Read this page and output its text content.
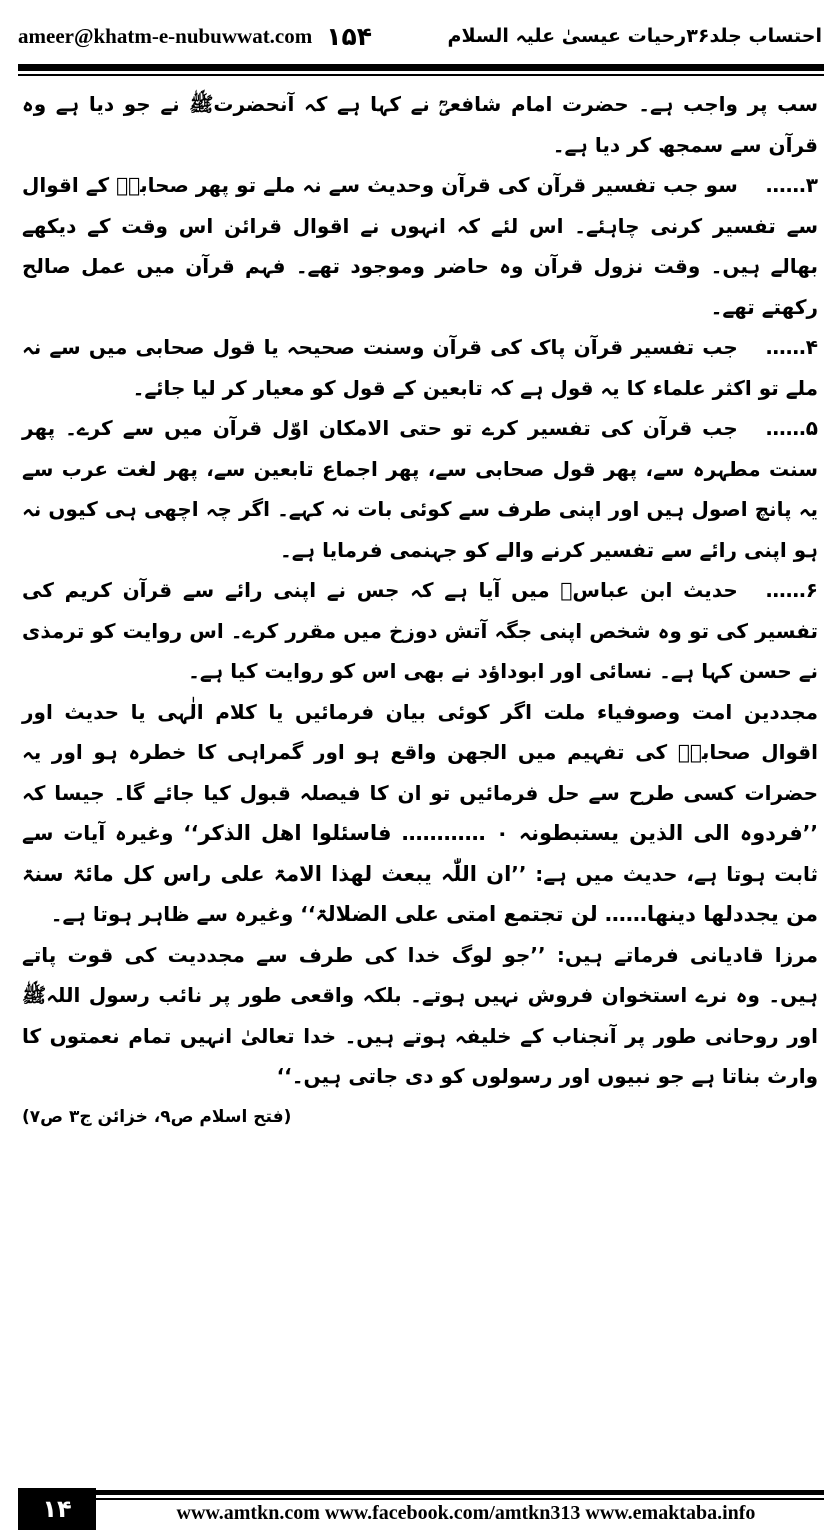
ameer@khatm-e-nubuwwat.com ۱۵۴	احتساب جلد۳۶رحیات عیسیٰ علیہ السلام

سب پر واجب ہے۔ حضرت امام شافعیؒ نے کہا ہے کہ آنحضرتﷺ نے جو دیا ہے وہ قرآن سے سمجھ کر دیا ہے۔

۳……سو جب تفسیر قرآن کی قرآن وحدیث سے نہ ملے تو پھر صحابہؓ کے اقوال سے تفسیر کرنی چاہئے۔ اس لئے کہ انہوں نے اقوال قرائن اس وقت کے دیکھے بھالے ہیں۔ وقت نزول قرآن وہ حاضر وموجود تھے۔ فہم قرآن میں عمل صالح رکھتے تھے۔

۴……جب تفسیر قرآن پاک کی قرآن وسنت صحیحہ یا قول صحابی میں سے نہ ملے تو اکثر علماء کا یہ قول ہے کہ تابعین کے قول کو معیار کر لیا جائے۔

۵……جب قرآن کی تفسیر کرے تو حتی الامکان اوّل قرآن میں سے کرے۔ پھر سنت مطہرہ سے، پھر قول صحابی سے، پھر اجماع تابعین سے، پھر لغت عرب سے یہ پانچ اصول ہیں اور اپنی طرف سے کوئی بات نہ کہے۔ اگر چہ اچھی ہی کیوں نہ ہو اپنی رائے سے تفسیر کرنے والے کو جہنمی فرمایا ہے۔

۶……حدیث ابن عباسؓ میں آیا ہے کہ جس نے اپنی رائے سے قرآن کریم کی تفسیر کی تو وہ شخص اپنی جگہ آتش دوزخ میں مقرر کرے۔ اس روایت کو ترمذی نے حسن کہا ہے۔ نسائی اور ابوداؤد نے بھی اس کو روایت کیا ہے۔

مجددین امت وصوفیاء ملت اگر کوئی بیان فرمائیں یا کلام الٰہی یا حدیث اور اقوال صحابہؓ کی تفہیم میں الجھن واقع ہو اور گمراہی کا خطرہ ہو اور یہ حضرات کسی طرح سے حل فرمائیں تو ان کا فیصلہ قبول کیا جائے گا۔ جیسا کہ ’’فردوہ الی الذین یستبطونہ ۰ ………… فاسئلوا اهل الذکر‘‘ وغیرہ آیات سے ثابت ہوتا ہے، حدیث میں ہے: ’’ان اللّٰہ یبعث لھذا الامۃ علی راس کل مائۃ سنۃ من یجددلھا دینھا…… لن تجتمع امتی علی الضلالۃ‘‘ وغیرہ سے ظاہر ہوتا ہے۔

مرزا قادیانی فرماتے ہیں: ’’جو لوگ خدا کی طرف سے مجددیت کی قوت پاتے ہیں۔ وہ نرے استخوان فروش نہیں ہوتے۔ بلکہ واقعی طور پر نائب رسول اللہﷺ اور روحانی طور پر آنجناب کے خلیفہ ہوتے ہیں۔ خدا تعالیٰ انہیں تمام نعمتوں کا وارث بناتا ہے جو نبیوں اور رسولوں کو دی جاتی ہیں۔‘‘

(فتح اسلام ص۹، خزائن ج۳ ص۷)
۱۴	www.amtkn.com www.facebook.com/amtkn313 www.emaktaba.info
